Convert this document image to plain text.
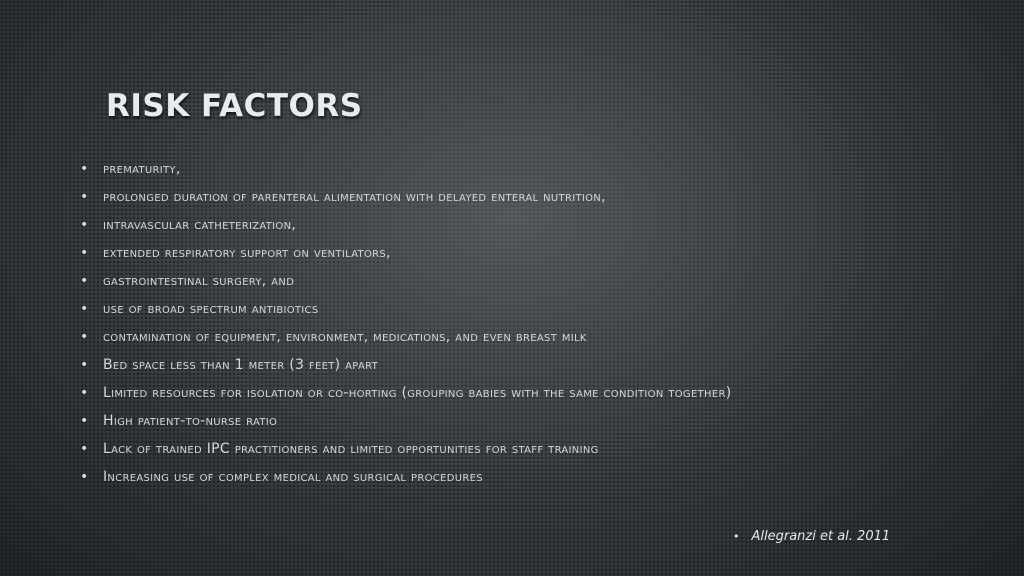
RISK FACTORS
• prematurity,
• prolonged duration of parenteral alimentation with delayed enteral nutrition,
• intravascular catheterization,
• extended respiratory support on ventilators,
• gastrointestinal surgery, and
• use of broad spectrum antibiotics
• contamination of equipment, environment, medications, and even breast milk
• Bed space less than 1 meter (3 feet) apart
• Limited resources for isolation or co-horting (grouping babies with the same condition together)
• High patient-to-nurse ratio
• Lack of trained IPC practitioners and limited opportunities for staff training
• Increasing use of complex medical and surgical procedures
• Allegranzi et al. 2011
